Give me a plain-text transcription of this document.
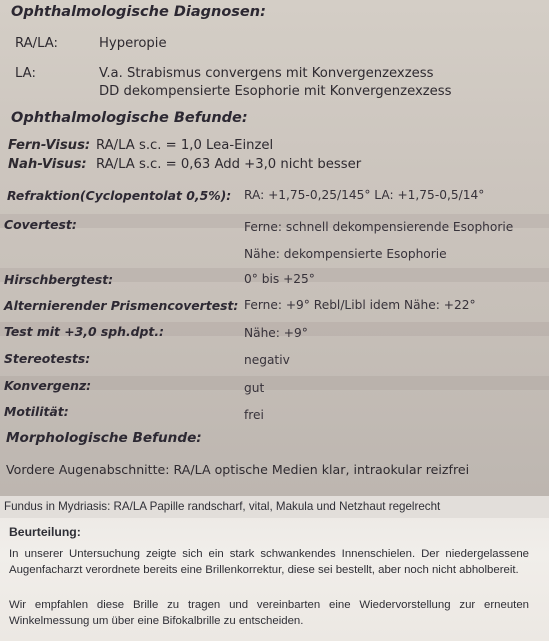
Ophthalmologische Diagnosen:
RA/LA:	Hyperopie
LA:	V.a. Strabismus convergens mit Konvergenzexzess
DD dekompensierte Esophorie mit Konvergenzexzess
Ophthalmologische Befunde:
Fern-Visus: RA/LA s.c. = 1,0 Lea-Einzel
Nah-Visus: RA/LA s.c. = 0,63 Add +3,0 nicht besser
Refraktion(Cyclopentolat 0,5%): RA: +1,75-0,25/145° LA: +1,75-0,5/14°
Covertest:	Ferne: schnell dekompensierende Esophorie
Nähe: dekompensierte Esophorie
Hirschbergtest:	0° bis +25°
Alternierender Prismencovertest: Ferne: +9° Rebl/Libl idem Nähe: +22°
Test mit +3,0 sph.dpt.:	Nähe: +9°
Stereotests:	negativ
Konvergenz:	gut
Motilität:	frei
Morphologische Befunde:
Vordere Augenabschnitte: RA/LA optische Medien klar, intraokular reizfrei
Fundus in Mydriasis: RA/LA Papille randscharf, vital, Makula und Netzhaut regelrecht
Beurteilung:
In unserer Untersuchung zeigte sich ein stark schwankendes Innenschielen. Der niedergelassene Augenfacharzt verordnete bereits eine Brillenkorrektur, diese sei bestellt, aber noch nicht abholbereit.
Wir empfahlen diese Brille zu tragen und vereinbarten eine Wiedervorstellung zur erneuten Winkelmessung um über eine Bifokalbrille zu entscheiden.
